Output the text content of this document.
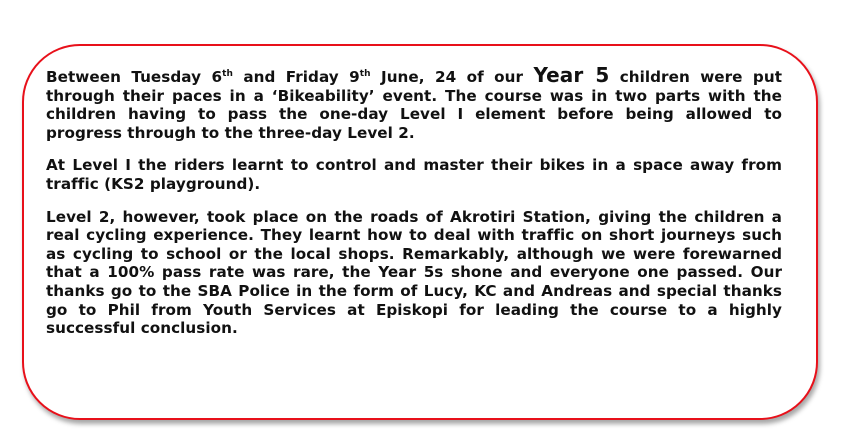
Between Tuesday 6th and Friday 9th June, 24 of our Year 5 children were put through their paces in a ‘Bikeability’ event. The course was in two parts with the children having to pass the one-day Level I element before being allowed to progress through to the three-day Level 2.

At Level I the riders learnt to control and master their bikes in a space away from traffic (KS2 playground).

Level 2, however, took place on the roads of Akrotiri Station, giving the children a real cycling experience. They learnt how to deal with traffic on short journeys such as cycling to school or the local shops. Remarkably, although we were forewarned that a 100% pass rate was rare, the Year 5s shone and everyone one passed. Our thanks go to the SBA Police in the form of Lucy, KC and Andreas and special thanks go to Phil from Youth Services at Episkopi for leading the course to a highly successful conclusion.
